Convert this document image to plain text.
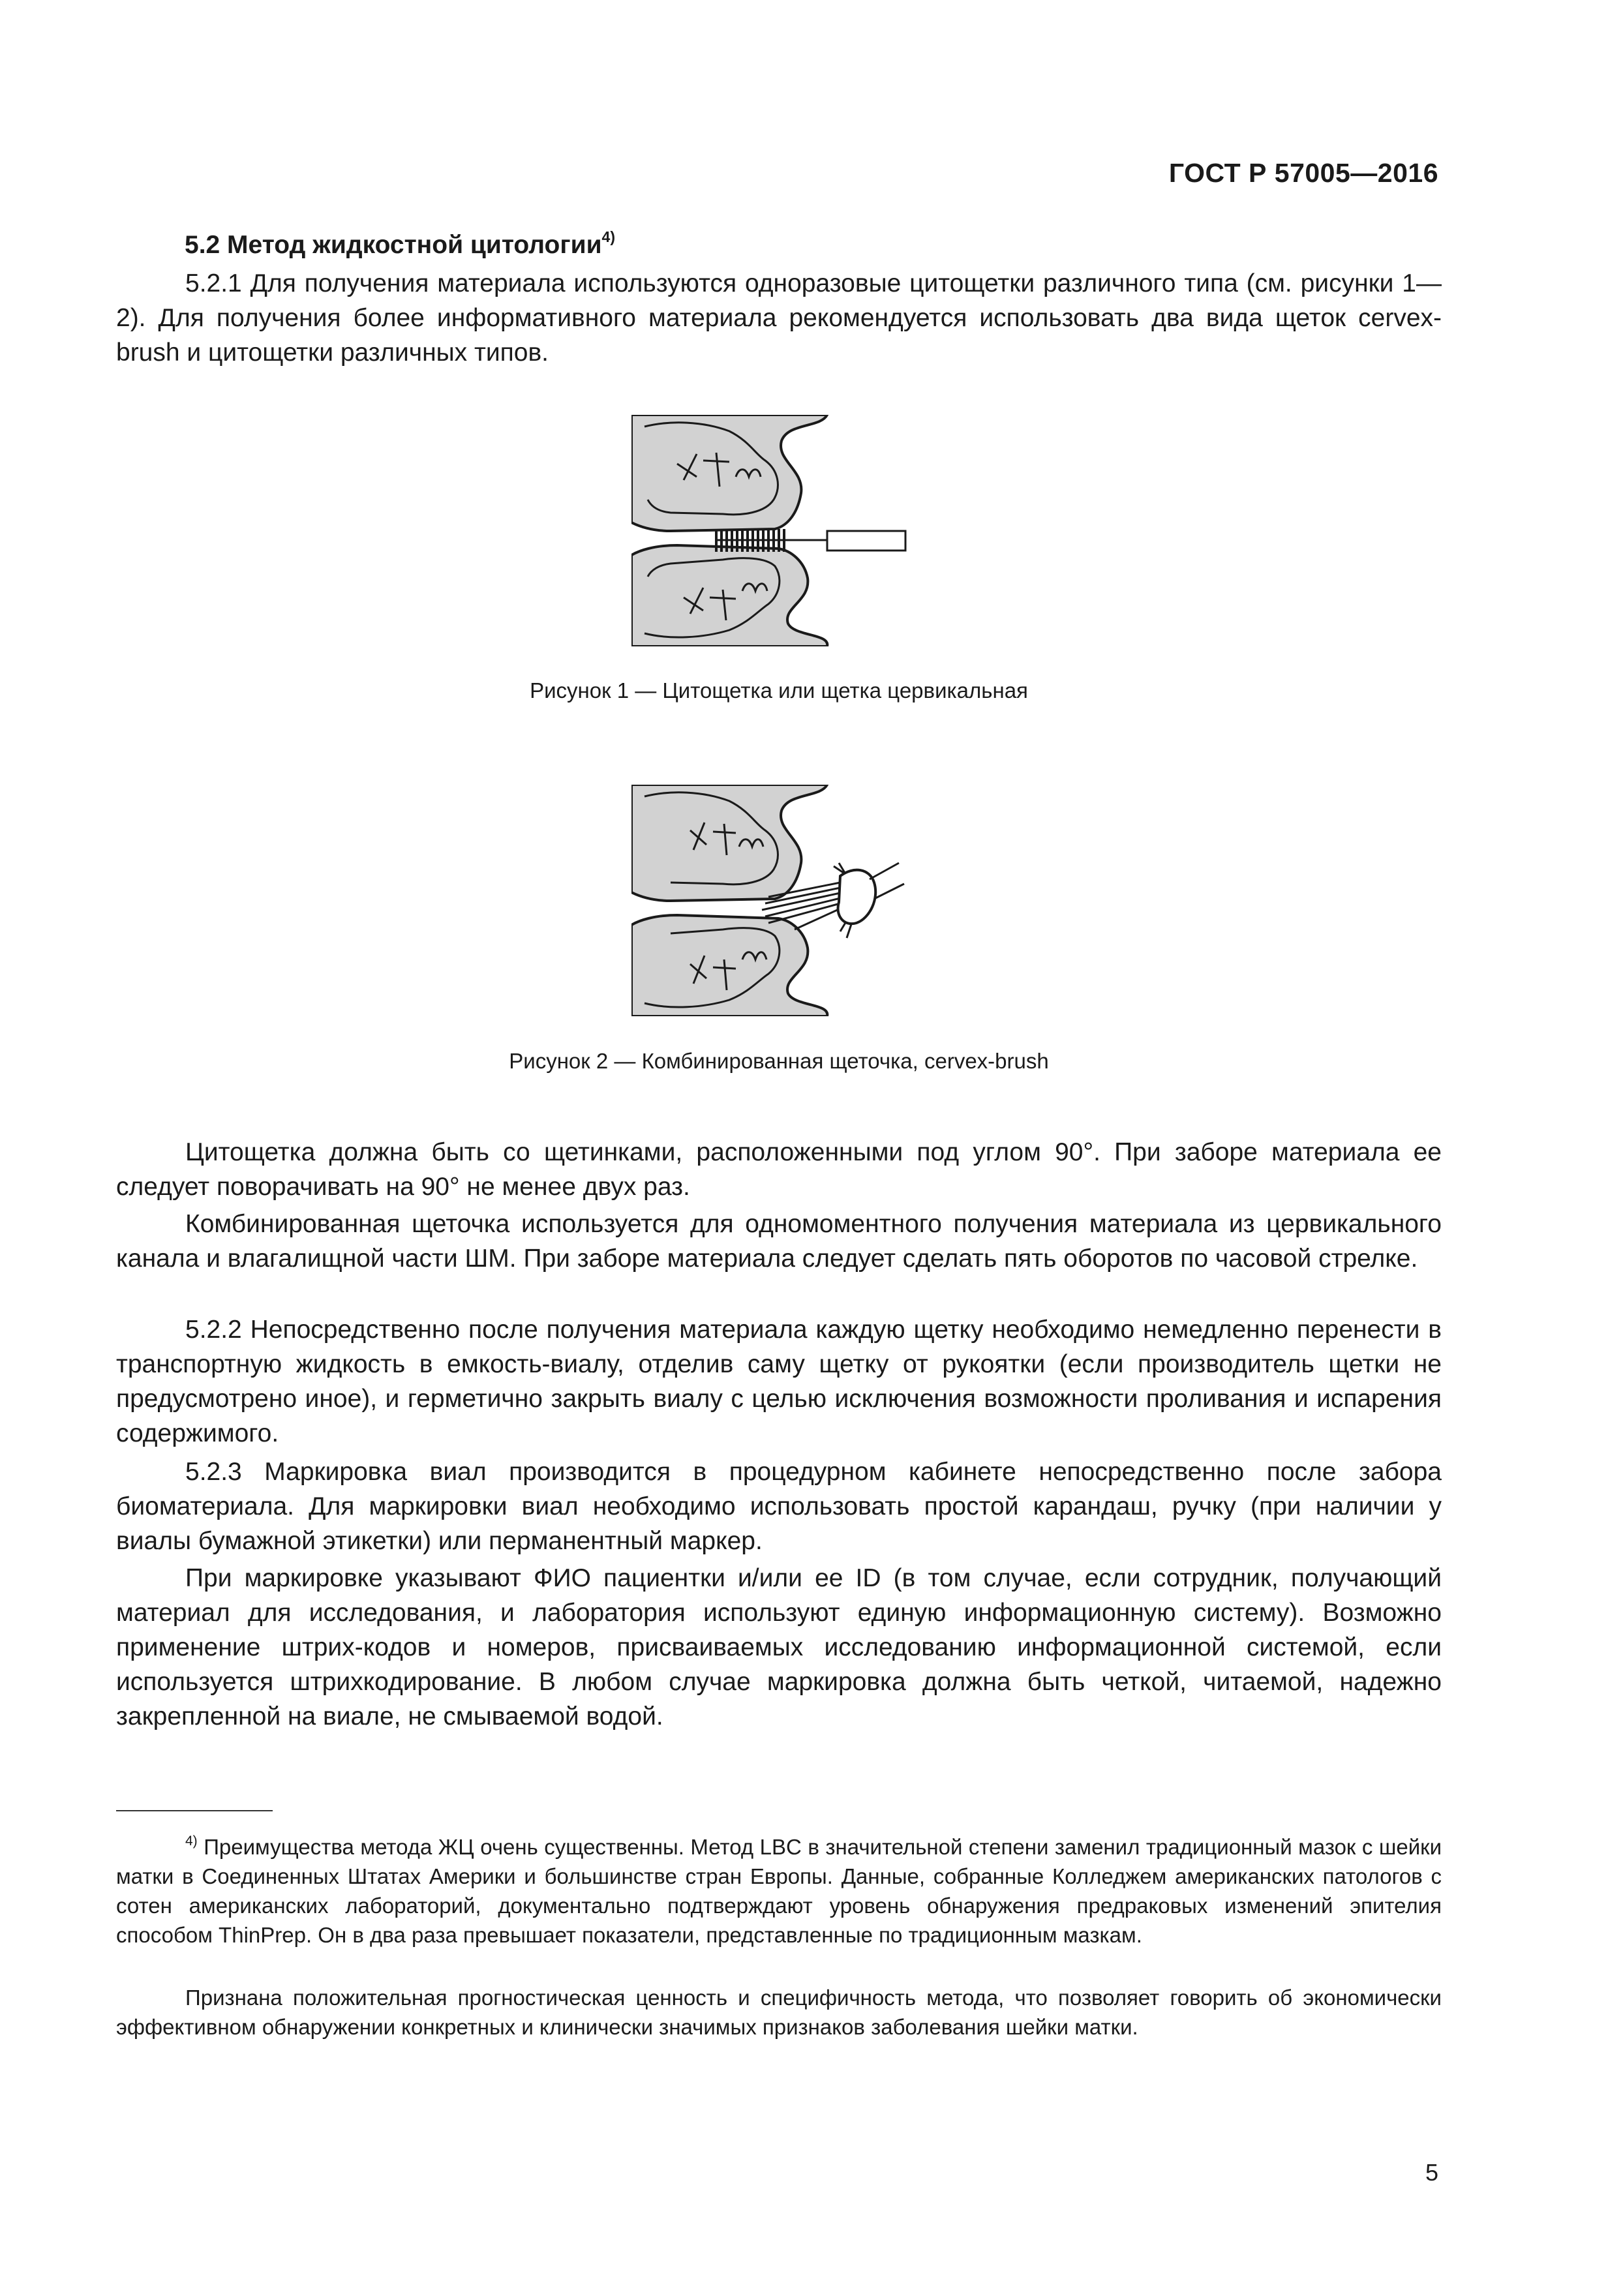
ГОСТ Р 57005—2016
5.2 Метод жидкостной цитологии$^{4)}$

5.2.1 Для получения материала используются одноразовые цитощетки различного типа (см. рисунки 1—2). Для получения более информативного материала рекомендуется использовать два вида щеток cervex-brush и цитощетки различных типов.

Рисунок 1 — Цитощетка или щетка цервикальная
Рисунок 2 — Комбинированная щеточка, cervex-brush

Цитощетка должна быть со щетинками, расположенными под углом 90°. При заборе материала ее следует поворачивать на 90° не менее двух раз.

Комбинированная щеточка используется для одномоментного получения материала из цервикального канала и влагалищной части ШМ. При заборе материала следует сделать пять оборотов по часовой стрелке.

5.2.2 Непосредственно после получения материала каждую щетку необходимо немедленно перенести в транспортную жидкость в емкость-виалу, отделив саму щетку от рукоятки (если производитель щетки не предусмотрено иное), и герметично закрыть виалу с целью исключения возможности проливания и испарения содержимого.

5.2.3 Маркировка виал производится в процедурном кабинете непосредственно после забора биоматериала. Для маркировки виал необходимо использовать простой карандаш, ручку (при наличии у виалы бумажной этикетки) или перманентный маркер.

При маркировке указывают ФИО пациентки и/или ее ID (в том случае, если сотрудник, получающий материал для исследования, и лаборатория используют единую информационную систему). Возможно применение штрих-кодов и номеров, присваиваемых исследованию информационной системой, если используется штрихкодирование. В любом случае маркировка должна быть четкой, читаемой, надежно закрепленной на виале, не смываемой водой.

$^{4)}$ Преимущества метода ЖЦ очень существенны. Метод LBC в значительной степени заменил традиционный мазок с шейки матки в Соединенных Штатах Америки и большинстве стран Европы. Данные, собранные Колледжем американских патологов с сотен американских лабораторий, документально подтверждают уровень обнаружения предраковых изменений эпителия способом ThinPrep. Он в два раза превышает показатели, представленные по традиционным мазкам.

Признана положительная прогностическая ценность и специфичность метода, что позволяет говорить об экономически эффективном обнаружении конкретных и клинически значимых признаков заболевания шейки матки.

5
